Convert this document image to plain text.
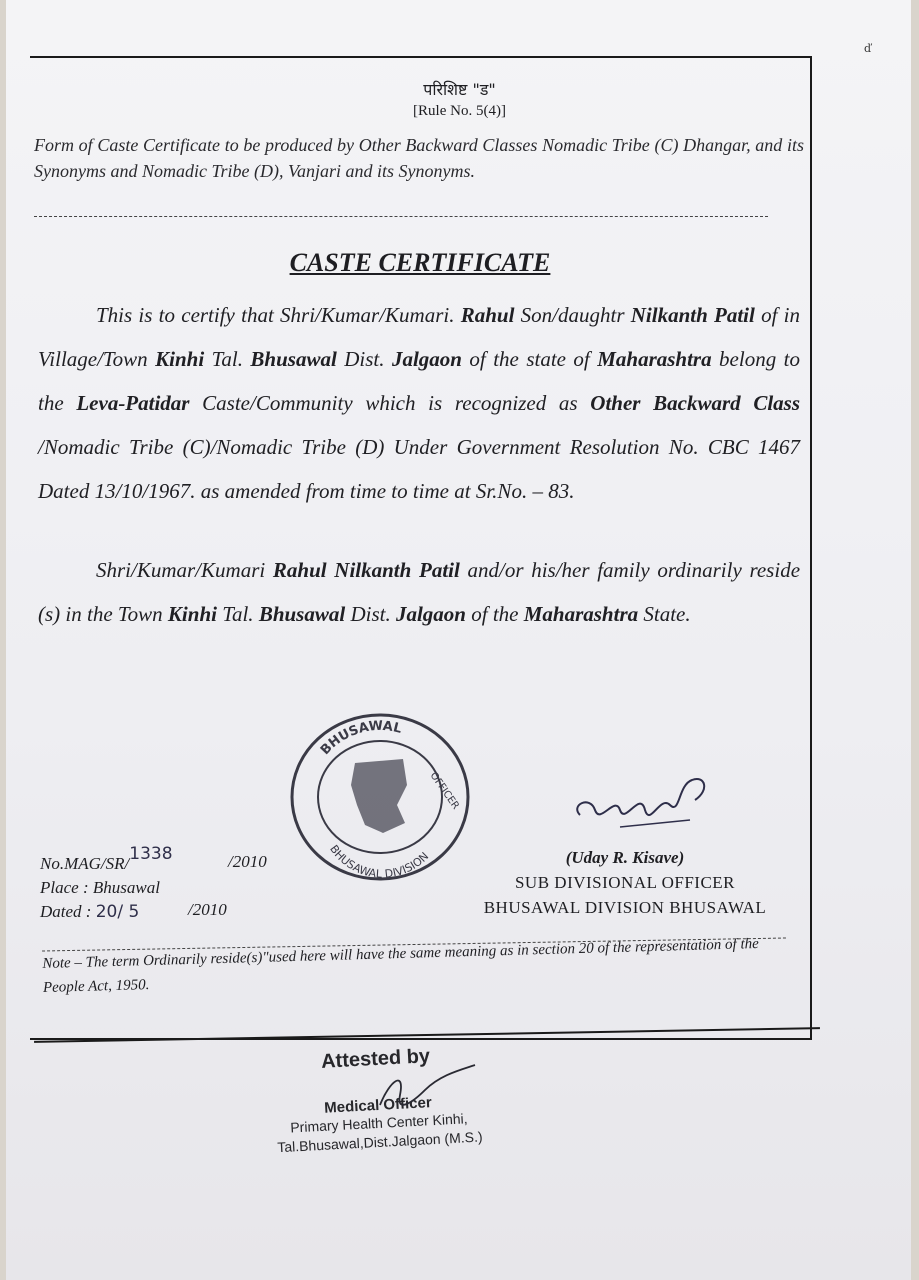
ď
परिशिष्ट "ड"
[Rule No. 5(4)]
Form of Caste Certificate to be produced by Other Backward Classes Nomadic Tribe (C) Dhangar, and its Synonyms and Nomadic Tribe (D), Vanjari and its Synonyms.
CASTE CERTIFICATE
This is to certify that Shri/Kumar/Kumari. Rahul Son/daughtr Nilkanth Patil of in Village/Town Kinhi Tal. Bhusawal Dist. Jalgaon of the state of Maharashtra belong to the Leva-Patidar Caste/Community which is recognized as Other Backward Class /Nomadic Tribe (C)/Nomadic Tribe (D) Under Government Resolution No. CBC 1467 Dated 13/10/1967. as amended from time to time at Sr.No. – 83.
Shri/Kumar/Kumari Rahul Nilkanth Patil and/or his/her family ordinarily reside (s) in the Town Kinhi Tal. Bhusawal Dist. Jalgaon of the Maharashtra State.
BHUSAWAL
BHUSAWAL DIVISION
OFFICER
No.MAG/SR/1338
Place : Bhusawal
Dated : 20/ 5
/2010
/2010
(Uday R. Kisave)
SUB DIVISIONAL OFFICER
BHUSAWAL DIVISION BHUSAWAL
Note – The term Ordinarily reside(s)"used here will have the same meaning as in section 20 of the representation of the People Act, 1950.
Attested by
Medical Officer
Primary Health Center Kinhi,
Tal.Bhusawal,Dist.Jalgaon (M.S.)
